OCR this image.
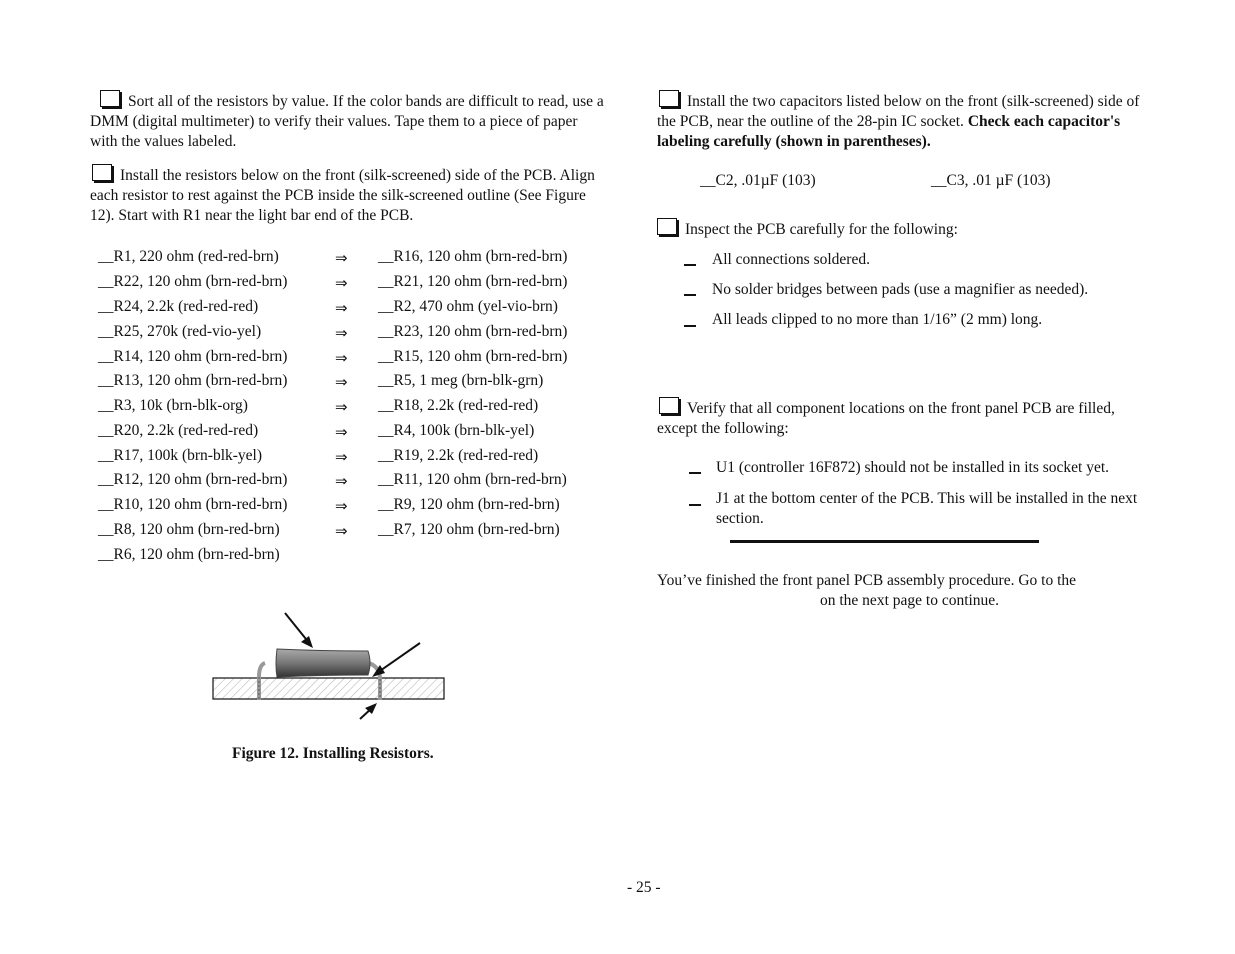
Sort all of the resistors by value. If the color bands are difficult to read, use a DMM (digital multimeter) to verify their values. Tape them to a piece of paper with the values labeled.
Install the resistors below on the front (silk-screened) side of the PCB. Align each resistor to rest against the PCB inside the silk-screened outline (See Figure 12). Start with R1 near the light bar end of the PCB.
__R1, 220 ohm (red-red-brn)
__R22, 120 ohm (brn-red-brn)
__R24, 2.2k (red-red-red)
__R25, 270k (red-vio-yel)
__R14, 120 ohm (brn-red-brn)
__R13, 120 ohm (brn-red-brn)
__R3, 10k (brn-blk-org)
__R20, 2.2k (red-red-red)
__R17, 100k (brn-blk-yel)
__R12, 120 ohm (brn-red-brn)
__R10, 120 ohm (brn-red-brn)
__R8, 120 ohm (brn-red-brn)
__R6, 120 ohm (brn-red-brn)
⇒
⇒
⇒
⇒
⇒
⇒
⇒
⇒
⇒
⇒
⇒
⇒
__R16, 120 ohm (brn-red-brn)
__R21, 120 ohm (brn-red-brn)
__R2, 470 ohm (yel-vio-brn)
__R23, 120 ohm (brn-red-brn)
__R15, 120 ohm (brn-red-brn)
__R5, 1 meg (brn-blk-grn)
__R18, 2.2k (red-red-red)
__R4, 100k (brn-blk-yel)
__R19, 2.2k (red-red-red)
__R11, 120 ohm (brn-red-brn)
__R9, 120 ohm (brn-red-brn)
__R7, 120 ohm (brn-red-brn)
Figure 12. Installing Resistors.
Install the two capacitors listed below on the front (silk-screened) side of the PCB, near the outline of the 28-pin IC socket. Check each capacitor's labeling carefully (shown in parentheses).
__C2, .01µF (103)	__C3, .01 µF (103)
Inspect the PCB carefully for the following:
All connections soldered.
No solder bridges between pads (use a magnifier as needed).
All leads clipped to no more than 1/16” (2 mm) long.
Verify that all component locations on the front panel PCB are filled, except the following:
U1 (controller 16F872) should not be installed in its socket yet.
J1 at the bottom center of the PCB. This will be installed in the next section.
You’ve finished the front panel PCB assembly procedure. Go to the
on the next page to continue.
- 25 -
